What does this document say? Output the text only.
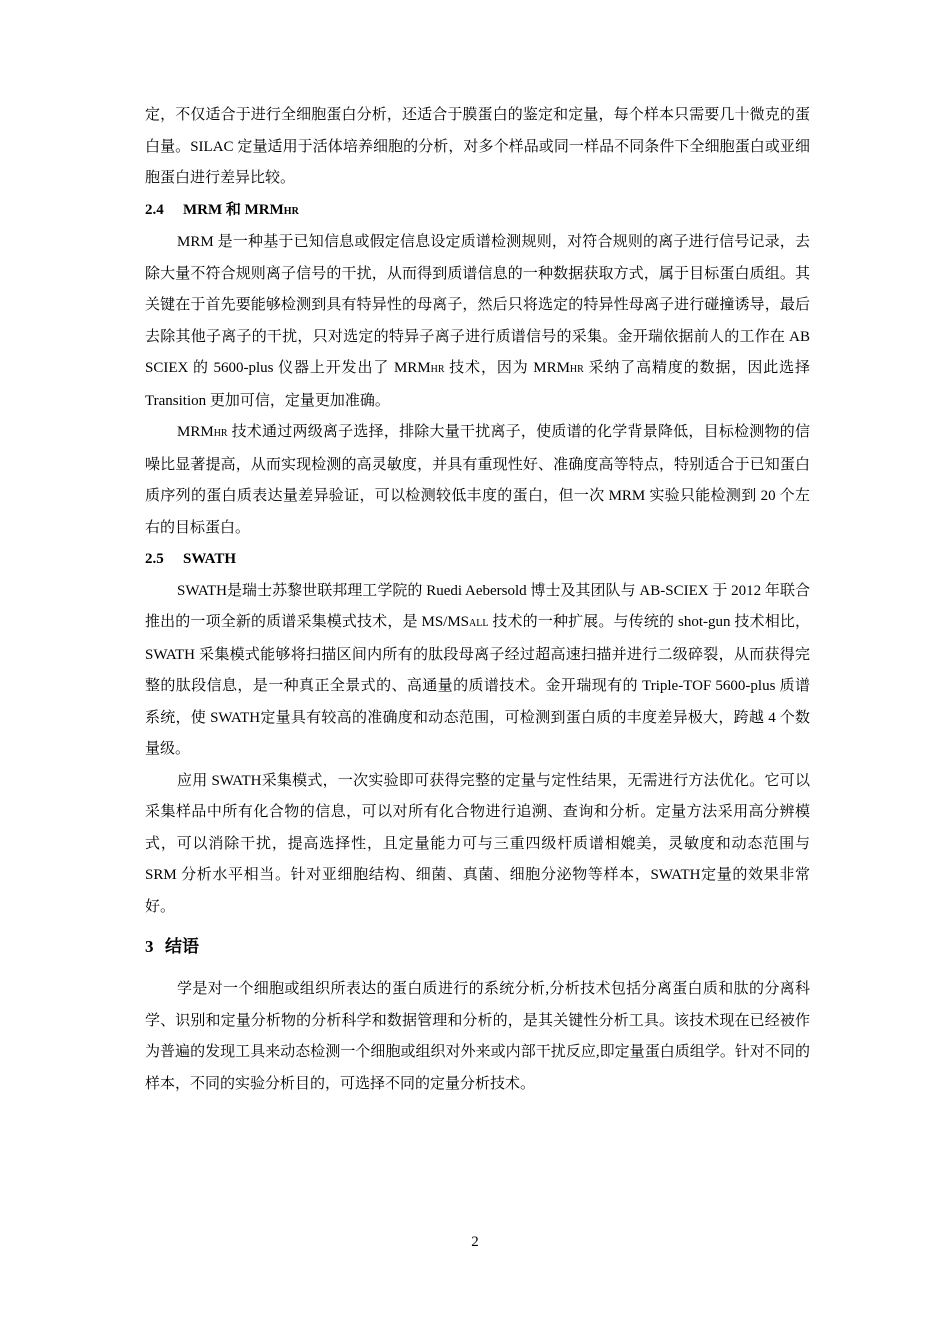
定，不仅适合于进行全细胞蛋白分析，还适合于膜蛋白的鉴定和定量，每个样本只需要几十微克的蛋白量。SILAC 定量适用于活体培养细胞的分析，对多个样品或同一样品不同条件下全细胞蛋白或亚细胞蛋白进行差异比较。

2.4 MRM 和 MRMHR

MRM 是一种基于已知信息或假定信息设定质谱检测规则，对符合规则的离子进行信号记录，去除大量不符合规则离子信号的干扰，从而得到质谱信息的一种数据获取方式，属于目标蛋白质组。其关键在于首先要能够检测到具有特异性的母离子，然后只将选定的特异性母离子进行碰撞诱导，最后去除其他子离子的干扰，只对选定的特异子离子进行质谱信号的采集。金开瑞依据前人的工作在 AB SCIEX 的 5600-plus 仪器上开发出了 MRMHR 技术，因为 MRMHR 采纳了高精度的数据，因此选择 Transition 更加可信，定量更加准确。

MRMHR 技术通过两级离子选择，排除大量干扰离子，使质谱的化学背景降低，目标检测物的信噪比显著提高，从而实现检测的高灵敏度，并具有重现性好、准确度高等特点，特别适合于已知蛋白质序列的蛋白质表达量差异验证，可以检测较低丰度的蛋白，但一次 MRM 实验只能检测到 20 个左右的目标蛋白。

2.5 SWATH

SWATH是瑞士苏黎世联邦理工学院的 Ruedi Aebersold 博士及其团队与 AB-SCIEX 于 2012 年联合推出的一项全新的质谱采集模式技术，是 MS/MSALL 技术的一种扩展。与传统的 shot-gun 技术相比，SWATH 采集模式能够将扫描区间内所有的肽段母离子经过超高速扫描并进行二级碎裂，从而获得完整的肽段信息，是一种真正全景式的、高通量的质谱技术。金开瑞现有的 Triple-TOF 5600-plus 质谱系统，使 SWATH定量具有较高的准确度和动态范围，可检测到蛋白质的丰度差异极大，跨越 4 个数量级。

应用 SWATH采集模式，一次实验即可获得完整的定量与定性结果，无需进行方法优化。它可以采集样品中所有化合物的信息，可以对所有化合物进行追溯、查询和分析。定量方法采用高分辨模式，可以消除干扰，提高选择性，且定量能力可与三重四级杆质谱相媲美，灵敏度和动态范围与 SRM 分析水平相当。针对亚细胞结构、细菌、真菌、细胞分泌物等样本，SWATH定量的效果非常好。

3 结语

学是对一个细胞或组织所表达的蛋白质进行的系统分析,分析技术包括分离蛋白质和肽的分离科学、识别和定量分析物的分析科学和数据管理和分析的，是其关键性分析工具。该技术现在已经被作为普遍的发现工具来动态检测一个细胞或组织对外来或内部干扰反应,即定量蛋白质组学。针对不同的样本，不同的实验分析目的，可选择不同的定量分析技术。

2
